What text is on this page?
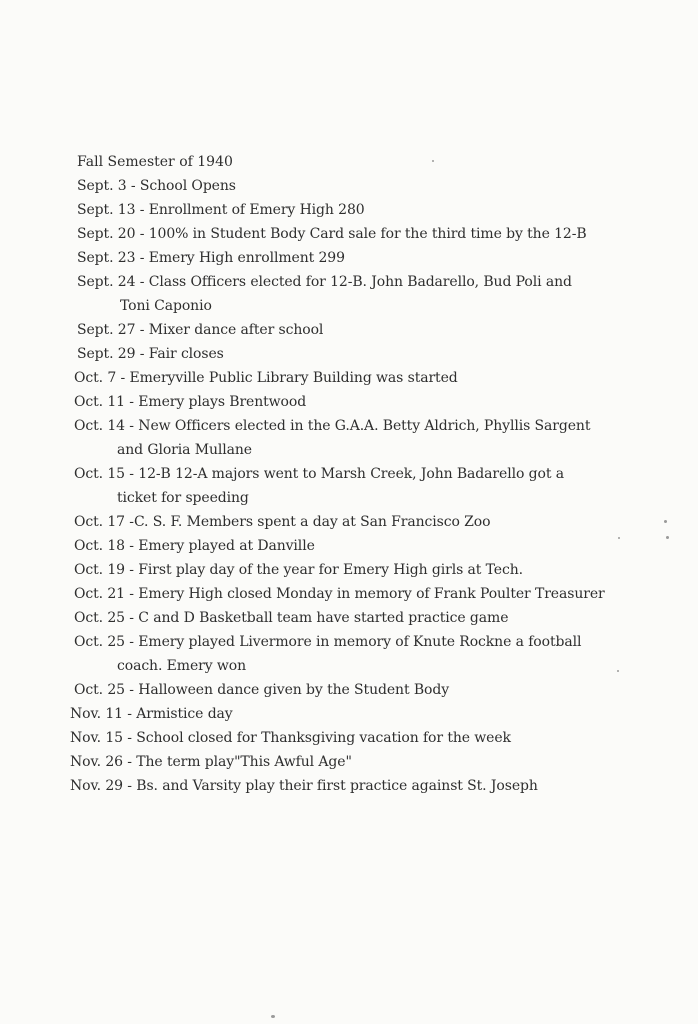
Fall Semester of 1940
Sept. 3 - School Opens
Sept. 13 - Enrollment of Emery High 280
Sept. 20 - 100% in Student Body Card sale for the third time by the 12-B
Sept. 23 - Emery High enrollment 299
Sept. 24 - Class Officers elected for 12-B. John Badarello, Bud Poli and
Toni Caponio
Sept. 27 - Mixer dance after school
Sept. 29 - Fair closes
Oct. 7 - Emeryville Public Library Building was started
Oct. 11 - Emery plays Brentwood
Oct. 14 - New Officers elected in the G.A.A. Betty Aldrich, Phyllis Sargent
and Gloria Mullane
Oct. 15 - 12-B 12-A majors went to Marsh Creek, John Badarello got a
ticket for speeding
Oct. 17 -C. S. F. Members spent a day at San Francisco Zoo
Oct. 18 - Emery played at Danville
Oct. 19 - First play day of the year for Emery High girls at Tech.
Oct. 21 - Emery High closed Monday in memory of Frank Poulter Treasurer
Oct. 25 - C and D Basketball team have started practice game
Oct. 25 - Emery played Livermore in memory of Knute Rockne a football
coach. Emery won
Oct. 25 - Halloween dance given by the Student Body
Nov. 11 - Armistice day
Nov. 15 - School closed for Thanksgiving vacation for the week
Nov. 26 - The term play"This Awful Age"
Nov. 29 - Bs. and Varsity play their first practice against St. Joseph
